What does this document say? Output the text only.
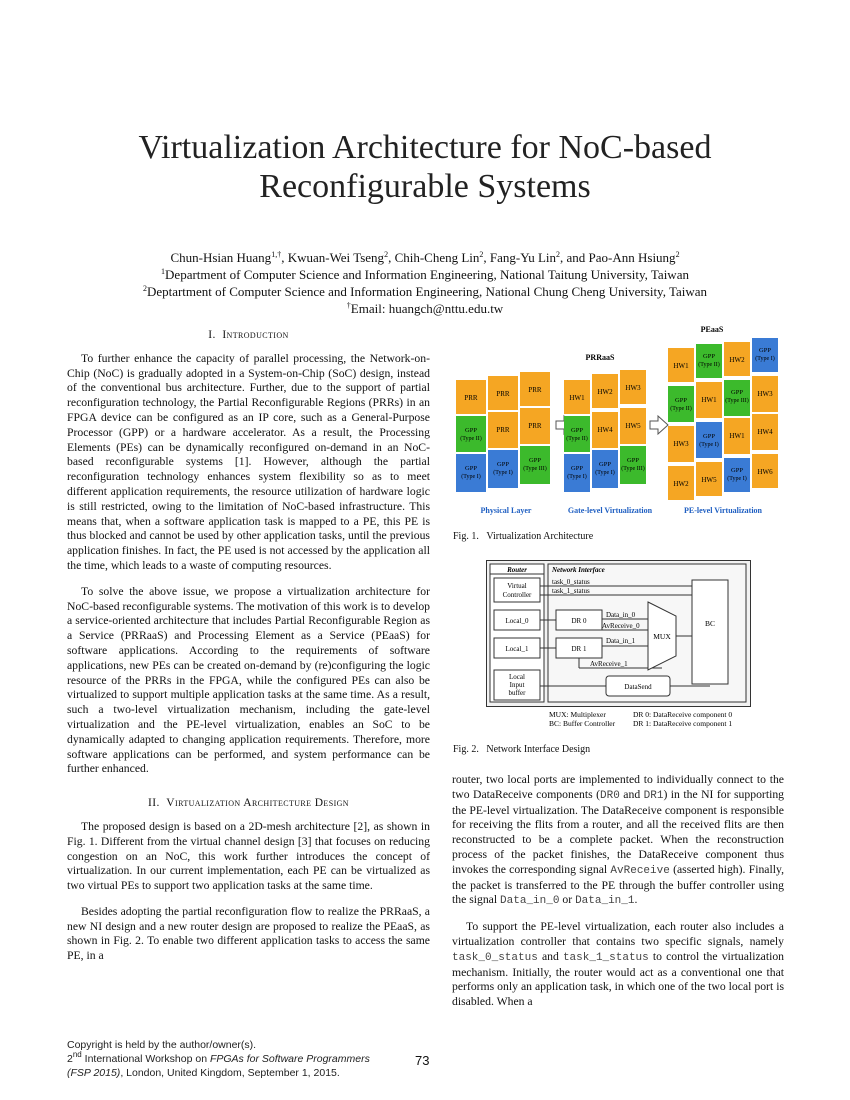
Virtualization Architecture for NoC-based
Reconfigurable Systems
Chun-Hsian Huang$^{1,\dagger}$, Kwuan-Wei Tseng$^2$, Chih-Cheng Lin$^2$, Fang-Yu Lin$^2$, and Pao-Ann Hsiung$^2$
$^1$Department of Computer Science and Information Engineering, National Taitung University, Taiwan
$^2$Deptartment of Computer Science and Information Engineering, National Chung Cheng University, Taiwan
†Email: huangch@nttu.edu.tw
I. Introduction

To further enhance the capacity of parallel processing, the Network-on-Chip (NoC) is gradually adopted in a System-on-Chip (SoC) design, instead of the conventional bus architecture. Further, due to the support of partial reconfiguration technology, the Partial Reconfigurable Regions (PRRs) in an FPGA device can be configured as an IP core, such as a General-Purpose Processor (GPP) or a hardware accelerator. As a result, the Processing Elements (PEs) can be dynamically reconfigured on-demand in an NoC-based reconfigurable systems [1]. However, although the partial reconfiguration technology enhances system flexibility so as to meet different application requirements, the resource utilization of hardware logic is still restricted, owing to the limitation of NoC-based infrastructure. This means that, when a software application task is mapped to a PE, this PE is thus blocked and cannot be used by other application tasks, until the previous application finishes. In fact, the PE used is not accessed by the application all the time, which leads to a waste of computing resources.

To solve the above issue, we propose a virtualization architecture for NoC-based reconfigurable systems. The motivation of this work is to develop a service-oriented architecture that includes Partial Reconfigurable Region as a Service (PRRaaS) and Processing Element as a Service (PEaaS) for software applications. According to the requirements of software applications, new PEs can be created on-demand by (re)configuring the logic resource of the PRRs in the FPGA, while the configured PEs can also be virtualized to support multiple application tasks at the same time. As a result, such a two-level virtualization mechanism, including the gate-level virtualization and the PE-level virtualization, enables an SoC to be dynamically adapted to changing application requirements. Therefore, more software applications can be performed, and system performance can be further enhanced.

II. Virtualization Architecture Design

The proposed design is based on a 2D-mesh architecture [2], as shown in Fig. 1. Different from the virtual channel design [3] that focuses on reducing congestion on an NoC, this work further introduces the concept of virtualization. In our current implementation, each PE can be virtualized as two virtual PEs to support two application tasks at the same time.

Besides adopting the partial reconfiguration flow to realize the PRRaaS, a new NI design and a new router design are proposed to realize the PEaaS, as shown in Fig. 2. To enable two different application tasks to access the same PE, in a

PRRaaS
PEaaS
PRR	PRR	PRR
GPP
(Type II)
PRR	PRR
GPP
(Type I)
GPP
(Type I)
GPP
(Type III)
HW1
HW2 HW3
GPP
(Type II)
HW4 HW5
GPP
(Type I)
GPP
(Type I)
GPP
(Type III)
HW1
GPP
(Type II)
HW2
GPP
(Type I)
GPP
(Type II)
HW1
GPP
(Type III)
HW3
HW3
GPP
(Type I)
HW1 HW4
HW2 HW5
GPP
(Type I)
HW6
Physical Layer	Gate-level Virtualization	PE-level Virtualization
Fig. 1. Virtualization Architecture
Router	Network Interface
Virtual
Controller
task_0_status
task_1_status
Local_0
Local_1
Local
Input
buffer
DR 0
DR 1
Data_in_0
AvReceive_0
Data_in_1
AvReceive_1
MUX
BC
DataSend
MUX: Multiplexer	DR 0: DataReceive component 0
BC: Buffer Controller DR 1: DataReceive component 1
Fig. 2. Network Interface Design

router, two local ports are implemented to individually connect to the two DataReceive components (DR0 and DR1) in the NI for supporting the PE-level virtualization. The DataReceive component is responsible for receiving the flits from a router, and all the received flits are then reconstructed to be a complete packet. When the reconstruction process of the packet finishes, the DataReceive component thus invokes the corresponding signal AvReceive (asserted high). Finally, the packet is transferred to the PE through the buffer controller using the signal Data_in_0 or Data_in_1.

To support the PE-level virtualization, each router also includes a virtualization controller that contains two specific signals, namely task_0_status and task_1_status to control the virtualization mechanism. Initially, the router would act as a conventional one that performs only an application task, in which one of the two local port is disabled. When a

Copyright is held by the author/owner(s).
2nd International Workshop on FPGAs for Software Programmers
(FSP 2015), London, United Kingdom, September 1, 2015.
73
